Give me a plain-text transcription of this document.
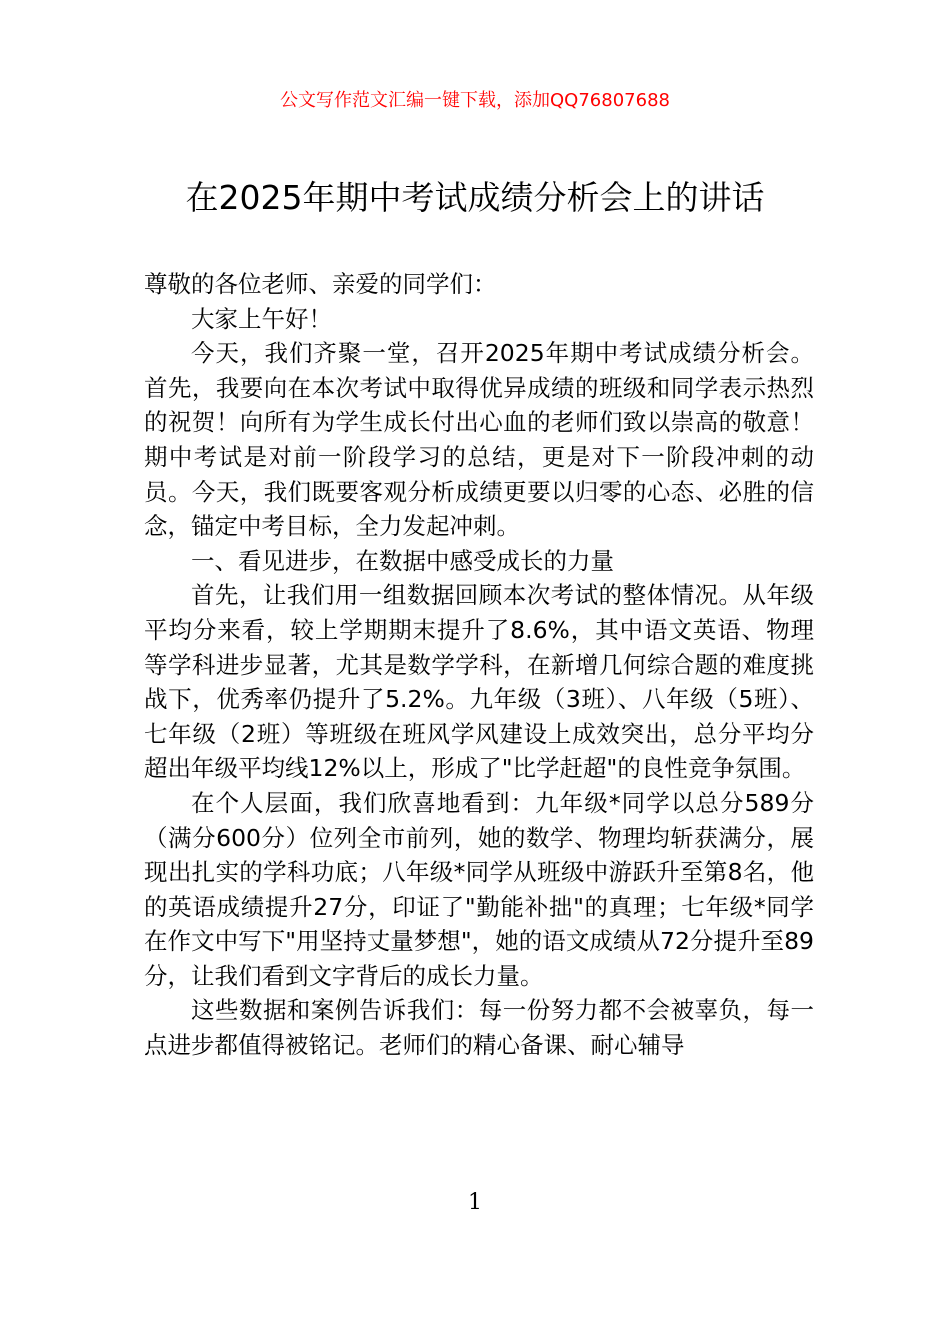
公文写作范文汇编一键下载，添加QQ76807688
在2025年期中考试成绩分析会上的讲话

尊敬的各位老师、亲爱的同学们：

大家上午好！

今天，我们齐聚一堂，召开2025年期中考试成绩分析会。首先，我要向在本次考试中取得优异成绩的班级和同学表示热烈的祝贺！向所有为学生成长付出心血的老师们致以崇高的敬意！期中考试是对前一阶段学习的总结，更是对下一阶段冲刺的动员。今天，我们既要客观分析成绩更要以归零的心态、必胜的信念，锚定中考目标，全力发起冲刺。

一、看见进步，在数据中感受成长的力量

首先，让我们用一组数据回顾本次考试的整体情况。从年级平均分来看，较上学期期末提升了8.6%，其中语文英语、物理等学科进步显著，尤其是数学学科，在新增几何综合题的难度挑战下，优秀率仍提升了5.2%。九年级（3班）、八年级（5班）、七年级（2班）等班级在班风学风建设上成效突出，总分平均分超出年级平均线12%以上，形成了"比学赶超"的良性竞争氛围。

在个人层面，我们欣喜地看到：九年级*同学以总分589分（满分600分）位列全市前列，她的数学、物理均斩获满分，展现出扎实的学科功底；八年级*同学从班级中游跃升至第8名，他的英语成绩提升27分，印证了"勤能补拙"的真理；七年级*同学在作文中写下"用坚持丈量梦想"，她的语文成绩从72分提升至89分，让我们看到文字背后的成长力量。

这些数据和案例告诉我们：每一份努力都不会被辜负，每一点进步都值得被铭记。老师们的精心备课、耐心辅导

1
